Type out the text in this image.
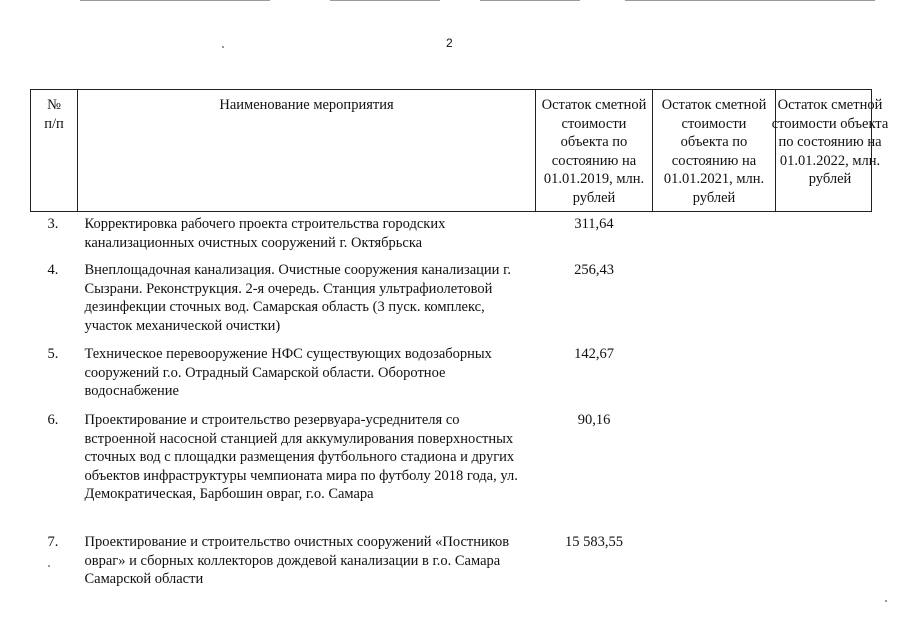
2
№
п/п	Наименование мероприятия	Остаток сметной стоимости объекта по состоянию на 01.01.2019, млн. рублей	Остаток сметной стоимости объекта по состоянию на 01.01.2021, млн. рублей	Остаток сметной стоимости объекта по состоянию на 01.01.2022, млн. рублей

3.	Корректировка рабочего проекта строительства городских канализационных очистных сооружений г. Октябрьска	311,64		
4.	Внеплощадочная канализация. Очистные сооружения канализации г. Сызрани. Реконструкция. 2-я очередь. Станция ультрафиолетовой дезинфекции сточных вод. Самарская область (3 пуск. комплекс, участок механической очистки)	256,43		
5.	Техническое перевооружение НФС существующих водозаборных сооружений г.о. Отрадный Самарской области. Оборотное водоснабжение	142,67		
6.	Проектирование и строительство резервуара-усреднителя со встроенной насосной станцией для аккумулирования поверхностных сточных вод с площадки размещения футбольного стадиона и других объектов инфраструктуры чемпионата мира по футболу 2018 года, ул. Демократическая, Барбошин овраг, г.о. Самара	90,16		
7.	Проектирование и строительство очистных сооружений «Постников овраг» и сборных коллекторов дождевой канализации в г.о. Самара Самарской области	15 583,55		
